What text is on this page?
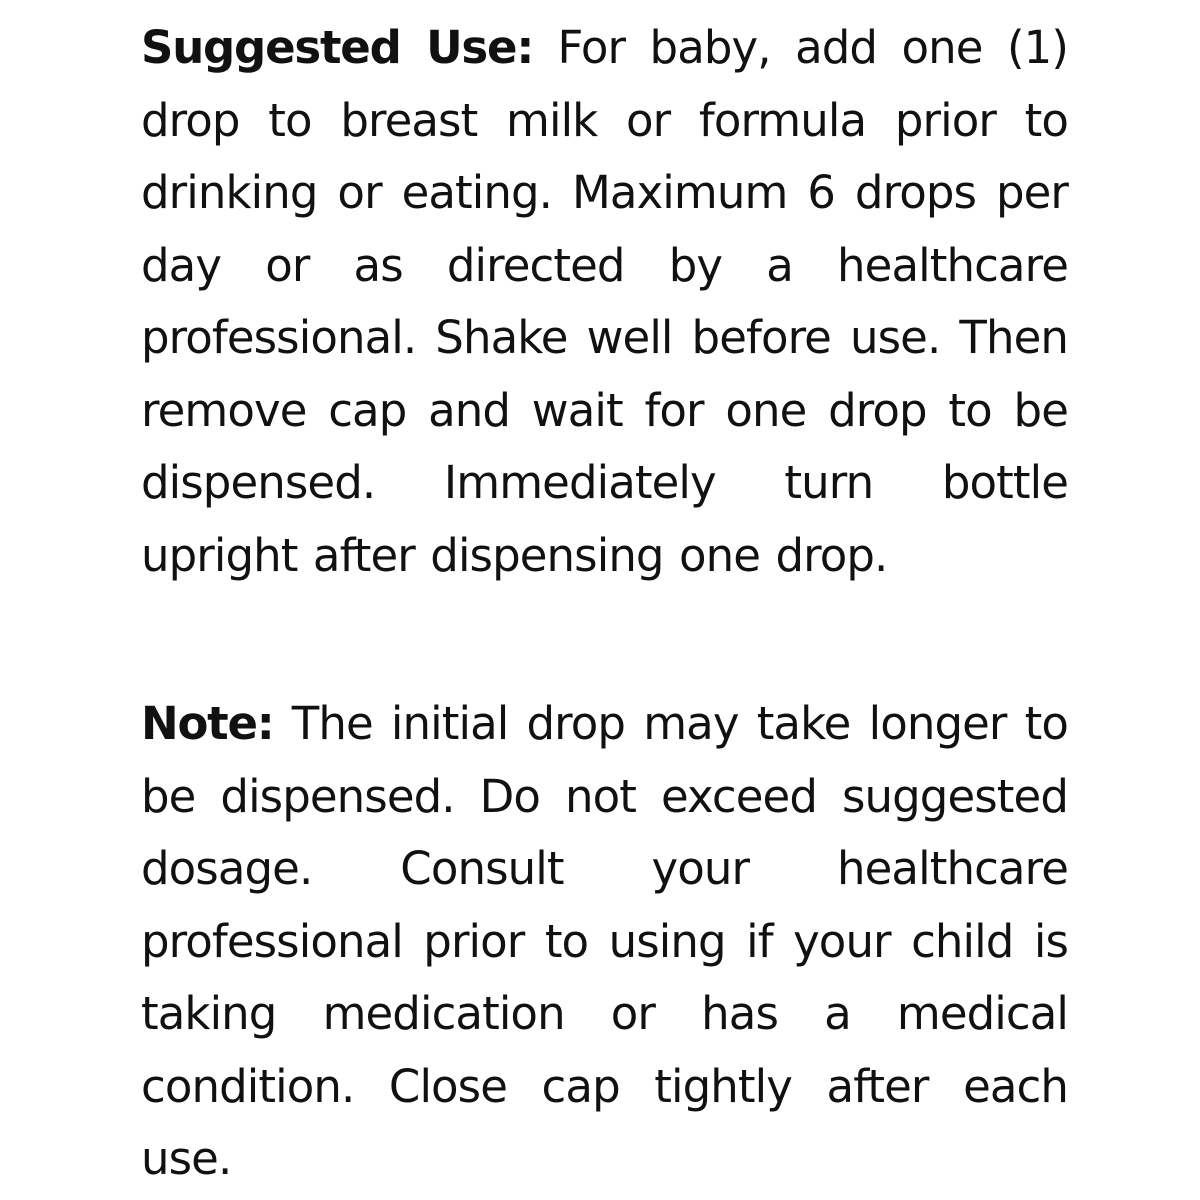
Suggested Use: For baby, add one (1) drop to breast milk or formula prior to drinking or eating. Maximum 6 drops per day or as directed by a healthcare professional. Shake well before use. Then remove cap and wait for one drop to be dispensed. Immediately turn bottle upright after dispensing one drop.

Note: The initial drop may take longer to be dispensed. Do not exceed suggested dosage. Consult your healthcare professional prior to using if your child is taking medication or has a medical condition. Close cap tightly after each use.
